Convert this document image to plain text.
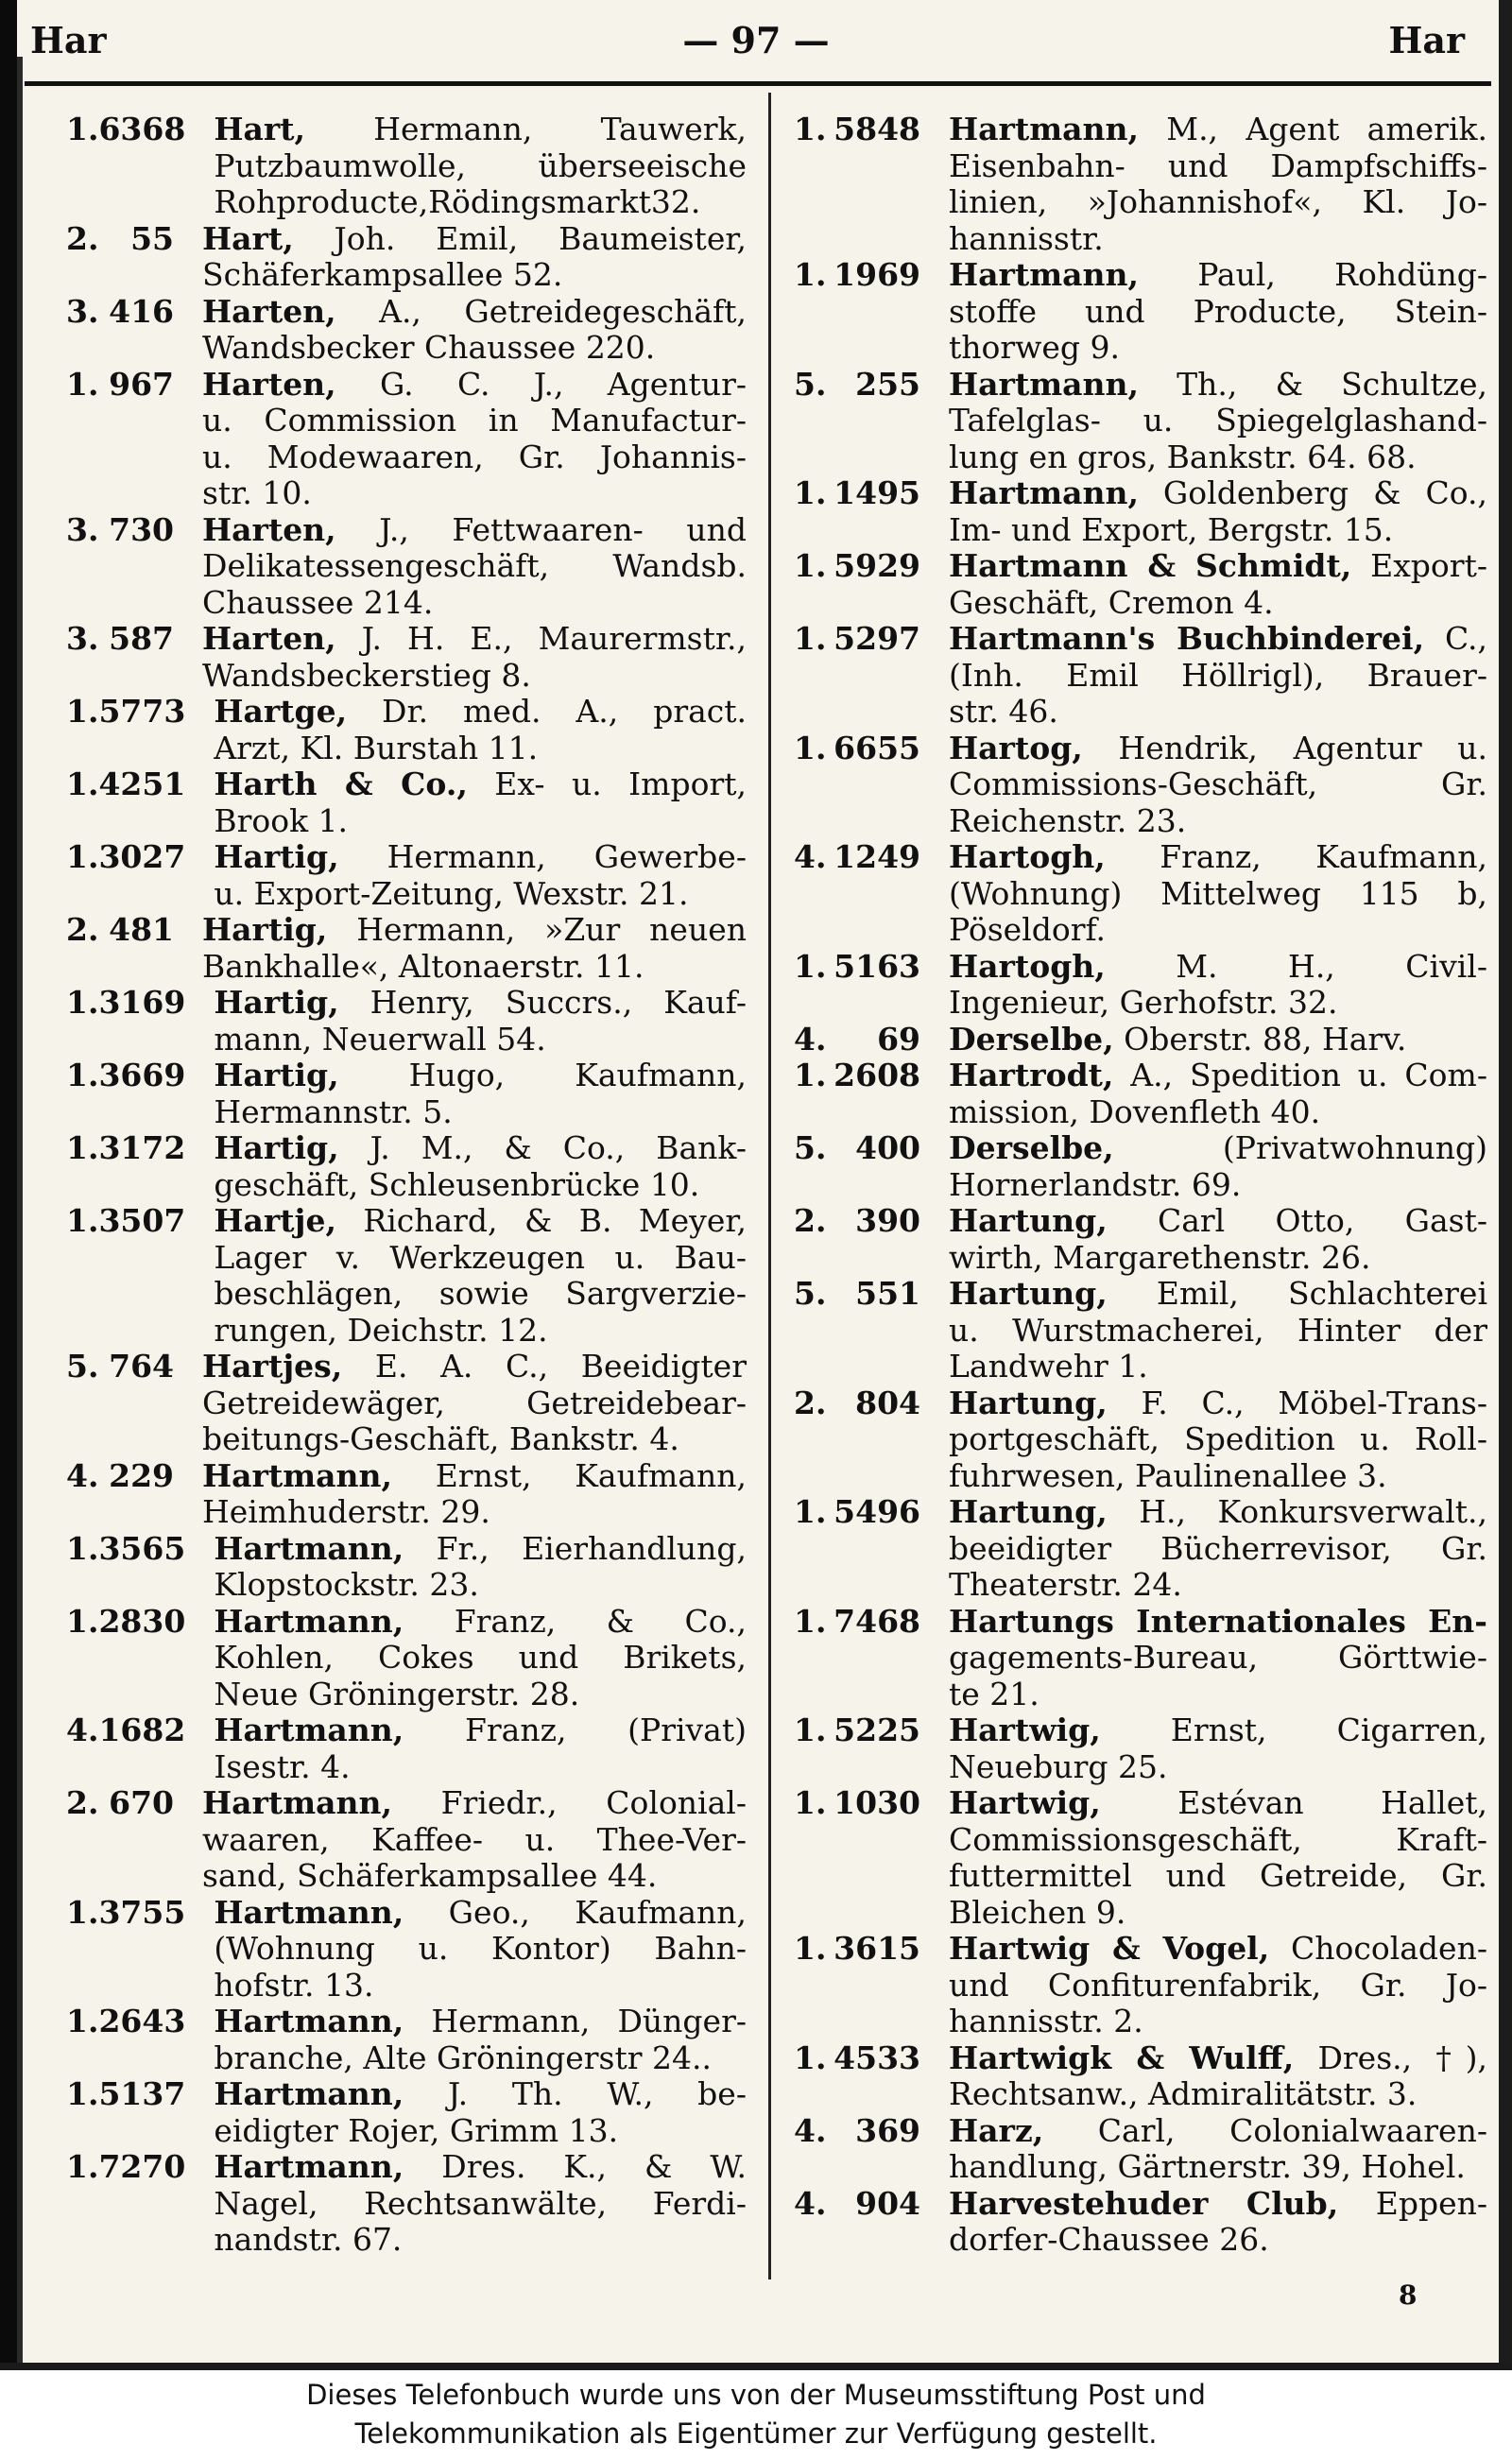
Har	— 97 —	Har
1. 6368 Hart, Hermann, Tauwerk,
Putzbaumwolle, überseeische
Rohproducte,Rödingsmarkt32.
2. 55 Hart, Joh. Emil, Baumeister,
Schäferkampsallee 52.
3. 416 Harten, A., Getreidegeschäft,
Wandsbecker Chaussee 220.
1. 967 Harten, G. C. J., Agentur-
u. Commission in Manufactur-
u. Modewaaren, Gr. Johannis-
str. 10.
3. 730 Harten, J., Fettwaaren- und
Delikatessengeschäft, Wandsb.
Chaussee 214.
3. 587 Harten, J. H. E., Maurermstr.,
Wandsbeckerstieg 8.
1. 5773 Hartge, Dr. med. A., pract.
Arzt, Kl. Burstah 11.
1. 4251 Harth & Co., Ex- u. Import,
Brook 1.
1. 3027 Hartig, Hermann, Gewerbe-
u. Export-Zeitung, Wexstr. 21.
2. 481 Hartig, Hermann, »Zur neuen
Bankhalle«, Altonaerstr. 11.
1. 3169 Hartig, Henry, Succrs., Kauf-
mann, Neuerwall 54.
1. 3669 Hartig, Hugo, Kaufmann,
Hermannstr. 5.
1. 3172 Hartig, J. M., & Co., Bank-
geschäft, Schleusenbrücke 10.
1. 3507 Hartje, Richard, & B. Meyer,
Lager v. Werkzeugen u. Bau-
beschlägen, sowie Sargverzie-
rungen, Deichstr. 12.
5. 764 Hartjes, E. A. C., Beeidigter
Getreidewäger, Getreidebear-
beitungs-Geschäft, Bankstr. 4.
4. 229 Hartmann, Ernst, Kaufmann,
Heimhuderstr. 29.
1. 3565 Hartmann, Fr., Eierhandlung,
Klopstockstr. 23.
1. 2830 Hartmann, Franz, & Co.,
Kohlen, Cokes und Brikets,
Neue Gröningerstr. 28.
4. 1682 Hartmann, Franz, (Privat)
Isestr. 4.
2. 670 Hartmann, Friedr., Colonial-
waaren, Kaffee- u. Thee-Ver-
sand, Schäferkampsallee 44.
1. 3755 Hartmann, Geo., Kaufmann,
(Wohnung u. Kontor) Bahn-
hofstr. 13.
1. 2643 Hartmann, Hermann, Dünger-
branche, Alte Gröningerstr 24..
1. 5137 Hartmann, J. Th. W., be-
eidigter Rojer, Grimm 13.
1. 7270 Hartmann, Dres. K., & W.
Nagel, Rechtsanwälte, Ferdi-
nandstr. 67.
1. 5848 Hartmann, M., Agent amerik.
Eisenbahn- und Dampfschiffs-
linien, »Johannishof«, Kl. Jo-
hannisstr.
1. 1969 Hartmann, Paul, Rohdüng-
stoffe und Producte, Stein-
thorweg 9.
5. 255 Hartmann, Th., & Schultze,
Tafelglas- u. Spiegelglashand-
lung en gros, Bankstr. 64. 68.
1. 1495 Hartmann, Goldenberg & Co.,
Im- und Export, Bergstr. 15.
1. 5929 Hartmann & Schmidt, Export-
Geschäft, Cremon 4.
1. 5297 Hartmann's Buchbinderei, C.,
(Inh. Emil Höllrigl), Brauer-
str. 46.
1. 6655 Hartog, Hendrik, Agentur u.
Commissions-Geschäft, Gr.
Reichenstr. 23.
4. 1249 Hartogh, Franz, Kaufmann,
(Wohnung) Mittelweg 115 b,
Pöseldorf.
1. 5163 Hartogh, M. H., Civil-
Ingenieur, Gerhofstr. 32.
4. 69 Derselbe, Oberstr. 88, Harv.
1. 2608 Hartrodt, A., Spedition u. Com-
mission, Dovenfleth 40.
5. 400 Derselbe, (Privatwohnung)
Hornerlandstr. 69.
2. 390 Hartung, Carl Otto, Gast-
wirth, Margarethenstr. 26.
5. 551 Hartung, Emil, Schlachterei
u. Wurstmacherei, Hinter der
Landwehr 1.
2. 804 Hartung, F. C., Möbel-Trans-
portgeschäft, Spedition u. Roll-
fuhrwesen, Paulinenallee 3.
1. 5496 Hartung, H., Konkursverwalt.,
beeidigter Bücherrevisor, Gr.
Theaterstr. 24.
1. 7468 Hartungs Internationales En-
gagements-Bureau, Görttwie-
te 21.
1. 5225 Hartwig, Ernst, Cigarren,
Neueburg 25.
1. 1030 Hartwig, Estévan Hallet,
Commissionsgeschäft, Kraft-
futtermittel und Getreide, Gr.
Bleichen 9.
1. 3615 Hartwig & Vogel, Chocoladen-
und Confiturenfabrik, Gr. Jo-
hannisstr. 2.
1. 4533 Hartwigk & Wulff, Dres., †),
Rechtsanw., Admiralitätstr. 3.
4. 369 Harz, Carl, Colonialwaaren-
handlung, Gärtnerstr. 39, Hohel.
4. 904 Harvestehuder Club, Eppen-
dorfer-Chaussee 26.
8
Dieses Telefonbuch wurde uns von der Museumsstiftung Post und
Telekommunikation als Eigentümer zur Verfügung gestellt.
